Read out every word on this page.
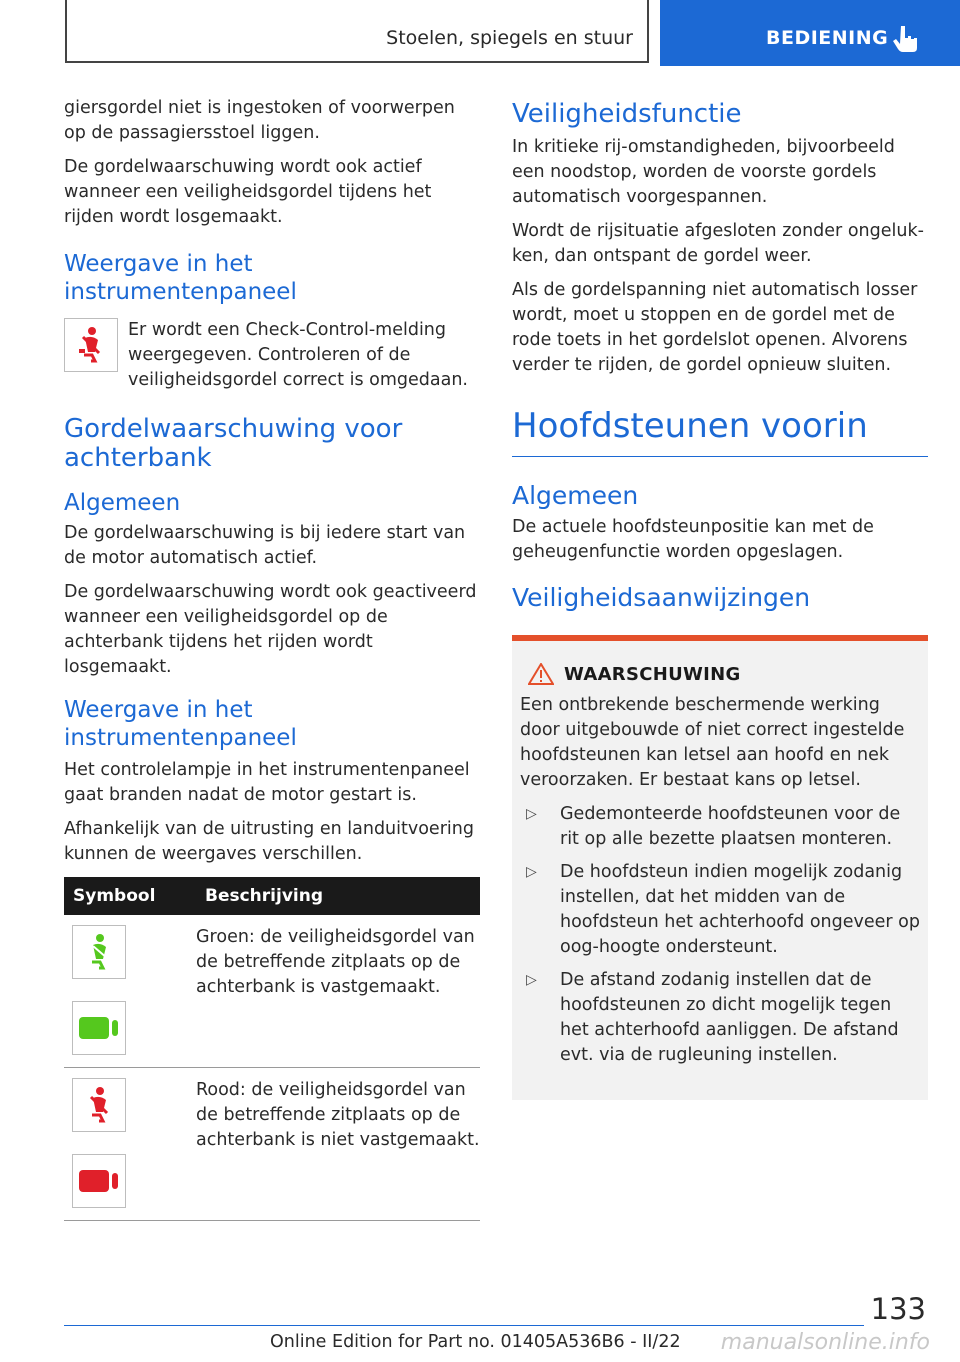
Stoelen, spiegels en stuur	BEDIENING

giersgordel niet is ingestoken of voorwerpen op de passagiersstoel liggen.

De gordelwaarschuwing wordt ook actief wanneer een veiligheidsgordel tijdens het rijden wordt losgemaakt.

Weergave in het instrumentenpaneel

Er wordt een Check-Control-melding weergegeven. Controleren of de veiligheidsgordel correct is omgedaan.

Gordelwaarschuwing voor achterbank
Algemeen

De gordelwaarschuwing is bij iedere start van de motor automatisch actief.

De gordelwaarschuwing wordt ook geactiveerd wanneer een veiligheidsgordel op de achterbank tijdens het rijden wordt losgemaakt.

Weergave in het instrumentenpaneel

Het controlelampje in het instrumentenpaneel gaat branden nadat de motor gestart is.

Afhankelijk van de uitrusting en landuitvoering kunnen de weergaves verschillen.

Symbool	Beschrijving

	Groen: de veiligheidsgordel van de betreffende zitplaats op de achterbank is vastgemaakt.

	Rood: de veiligheidsgordel van de betreffende zitplaats op de achterbank is niet vastgemaakt.
Veiligheidsfunctie

In kritieke rij-omstandigheden, bijvoorbeeld een noodstop, worden de voorste gordels automatisch voorgespannen.

Wordt de rijsituatie afgesloten zonder ongeluk-ken, dan ontspant de gordel weer.

Als de gordelspanning niet automatisch losser wordt, moet u stoppen en de gordel met de rode toets in het gordelslot openen. Alvorens verder te rijden, de gordel opnieuw sluiten.

Hoofdsteunen voorin
Algemeen

De actuele hoofdsteunpositie kan met de geheugenfunctie worden opgeslagen.

Veiligheidsaanwijzingen
WAARSCHUWING

Een ontbrekende beschermende werking door uitgebouwde of niet correct ingestelde hoofdsteunen kan letsel aan hoofd en nek veroorzaken. Er bestaat kans op letsel.

▷	Gedemonteerde hoofdsteunen voor de rit op alle bezette plaatsen monteren.

▷	De hoofdsteun indien mogelijk zodanig instellen, dat het midden van de hoofdsteun het achterhoofd ongeveer op oog-hoogte ondersteunt.

▷	De afstand zodanig instellen dat de hoofdsteunen zo dicht mogelijk tegen het achterhoofd aanliggen. De afstand evt. via de rugleuning instellen.

133
Online Edition for Part no. 01405A536B6 - II/22 manualsonline.info
